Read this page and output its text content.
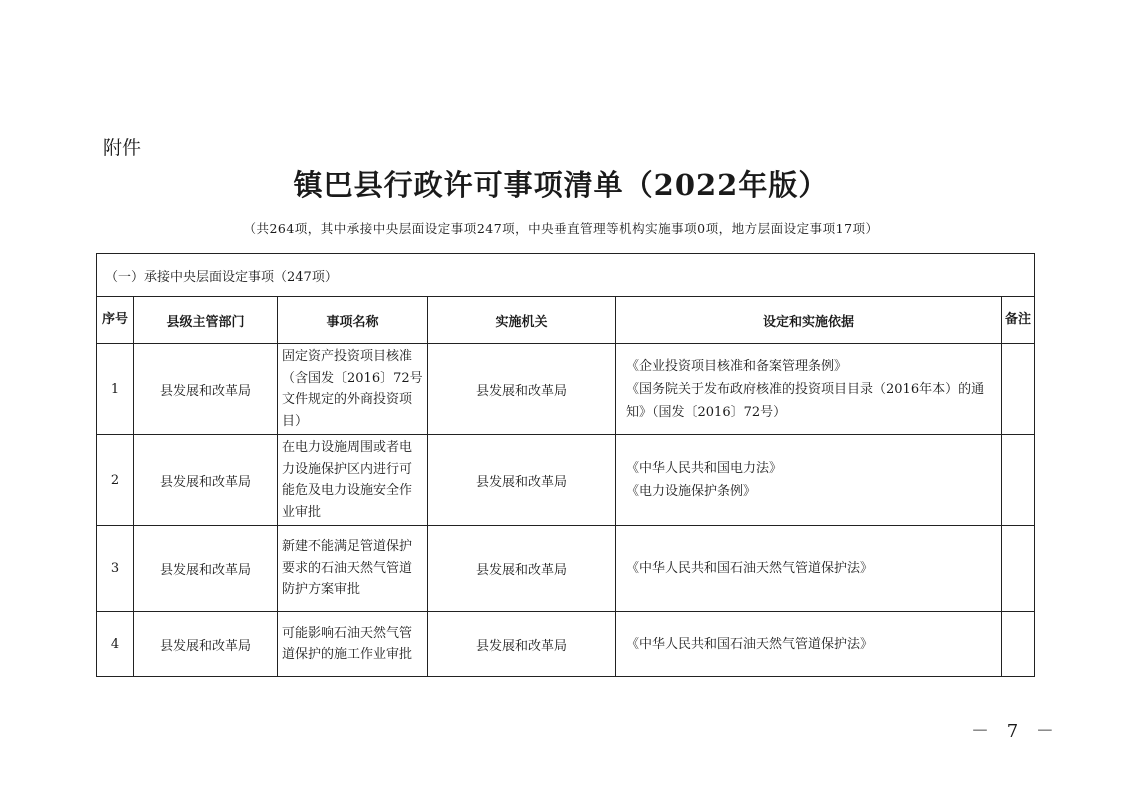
附件
镇巴县行政许可事项清单（2022年版）
（共264项，其中承接中央层面设定事项247项，中央垂直管理等机构实施事项0项，地方层面设定事项17项）
（一）承接中央层面设定事项（247项）					
序号	县级主管部门	事项名称	实施机关	设定和实施依据	备注
1	县发展和改革局	固定资产投资项目核准（含国发〔2016〕72号文件规定的外商投资项目）	县发展和改革局	《企业投资项目核准和备案管理条例》
《国务院关于发布政府核准的投资项目目录（2016年本）的通知》（国发〔2016〕72号）	

2	县发展和改革局	在电力设施周围或者电力设施保护区内进行可能危及电力设施安全作业审批	县发展和改革局	《中华人民共和国电力法》
《电力设施保护条例》	

3	县发展和改革局	新建不能满足管道保护要求的石油天然气管道防护方案审批	县发展和改革局	《中华人民共和国石油天然气管道保护法》	

4	县发展和改革局	可能影响石油天然气管道保护的施工作业审批	县发展和改革局	《中华人民共和国石油天然气管道保护法》	

－ 7 －
